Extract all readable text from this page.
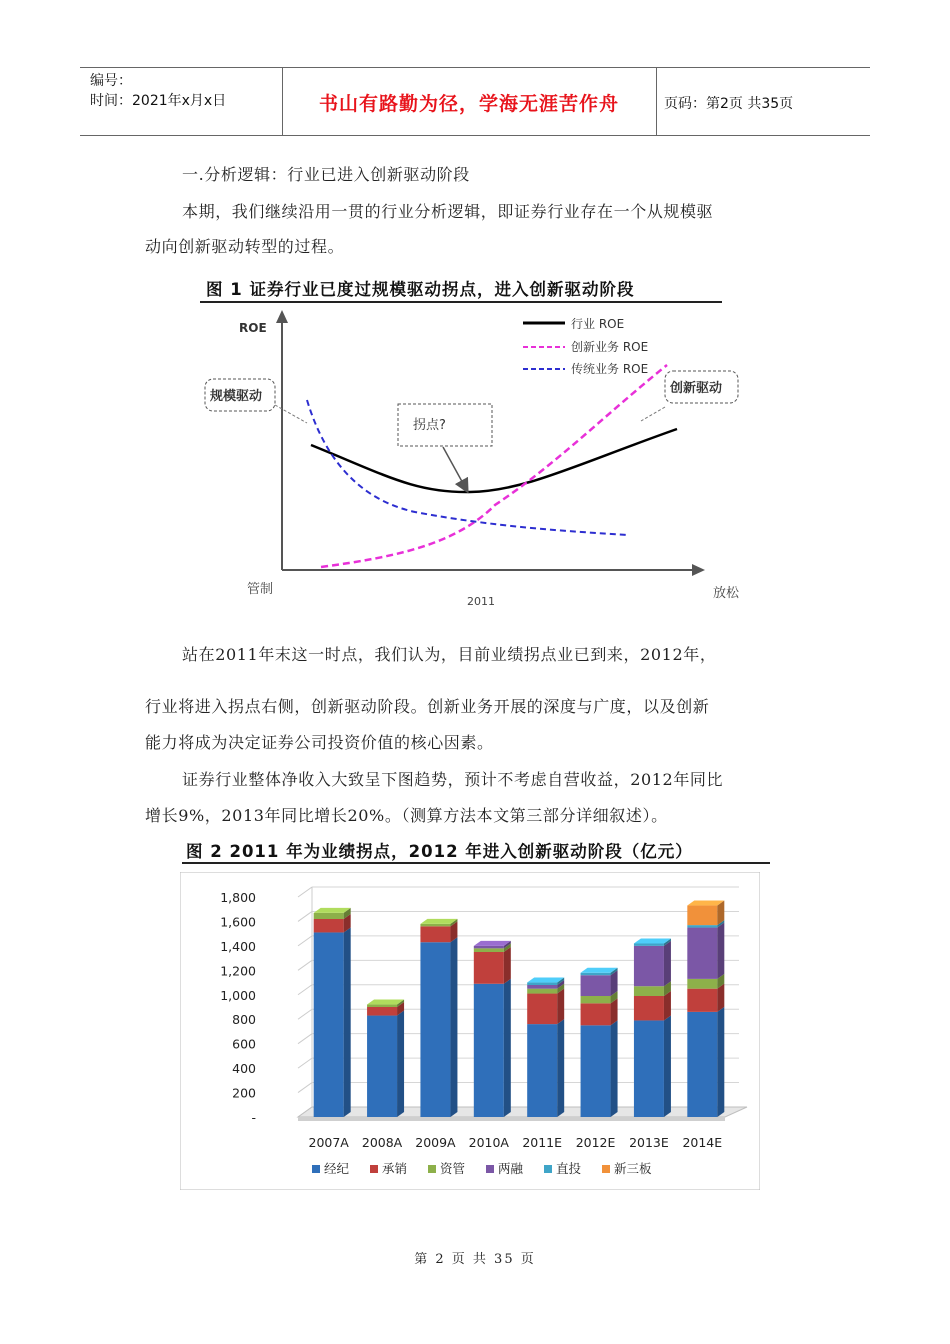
编号：
时间：2021年x月x日	书山有路勤为径，学海无涯苦作舟	页码：第2页 共35页
一.分析逻辑：行业已进入创新驱动阶段
本期，我们继续沿用一贯的行业分析逻辑，即证券行业存在一个从规模驱
动向创新驱动转型的过程。
图 1 证券行业已度过规模驱动拐点，进入创新驱动阶段
ROE
管制	放松
2011
行业 ROE
创新业务 ROE
传统业务 ROE
规模驱动
创新驱动
拐点?
站在2011年末这一时点，我们认为，目前业绩拐点业已到来，2012年，
行业将进入拐点右侧，创新驱动阶段。创新业务开展的深度与广度，以及创新
能力将成为决定证券公司投资价值的核心因素。
证券行业整体净收入大致呈下图趋势，预计不考虑自营收益，2012年同比
增长9%，2013年同比增长20%。（测算方法本文第三部分详细叙述）。
图 2 2011 年为业绩拐点，2012 年进入创新驱动阶段（亿元）
1,800
1,600
1,400
1,200
1,000
800
600
400
200
-
2007A 2008A 2009A 2010A 2011E 2012E 2013E 2014E
经纪	承销	资管	两融	直投	新三板
第 2 页 共 35 页
